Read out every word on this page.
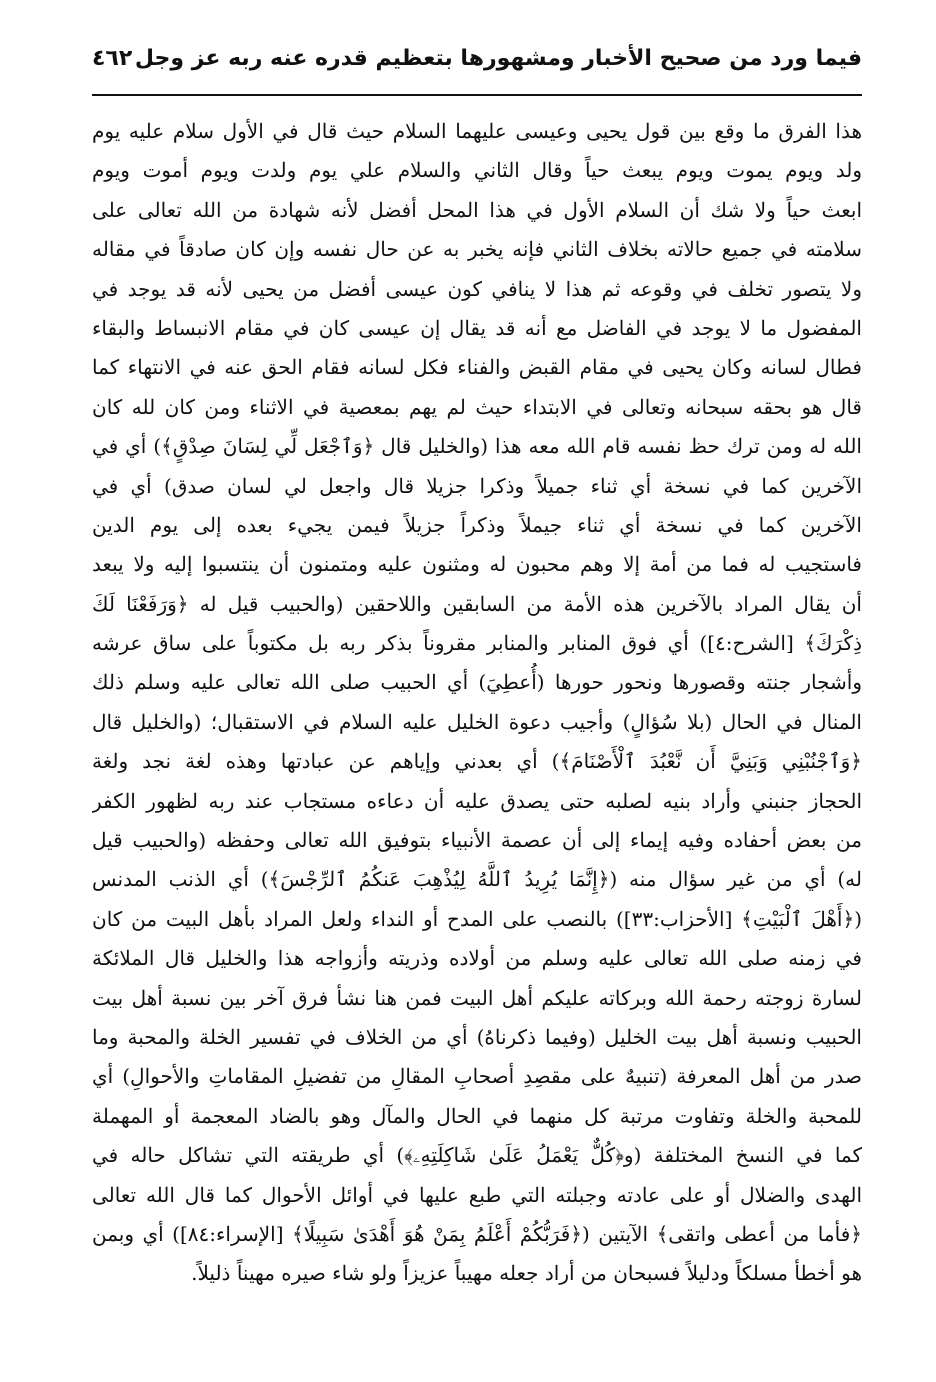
فيما ورد من صحيح الأخبار ومشهورها بتعظيم قدره عنه ربه عز وجل
٤٦٢
هذا الفرق ما وقع بين قول يحيى وعيسى عليهما السلام حيث قال في الأول سلام عليه يوم
ولد ويوم يموت ويوم يبعث حياً وقال الثاني والسلام علي يوم ولدت ويوم أموت ويوم
ابعث حياً ولا شك أن السلام الأول في هذا المحل أفضل لأنه شهادة من الله تعالى على
سلامته في جميع حالاته بخلاف الثاني فإنه يخبر به عن حال نفسه وإن كان صادقاً في مقاله
ولا يتصور تخلف في وقوعه ثم هذا لا ينافي كون عيسى أفضل من يحيى لأنه قد يوجد في
المفضول ما لا يوجد في الفاضل مع أنه قد يقال إن عيسى كان في مقام الانبساط والبقاء
فطال لسانه وكان يحيى في مقام القبض والفناء فكل لسانه فقام الحق عنه في الانتهاء كما
قال هو بحقه سبحانه وتعالى في الابتداء حيث لم يهم بمعصية في الاثناء ومن كان لله كان
الله له ومن ترك حظ نفسه قام الله معه هذا (والخليل قال ﴿وَٱجْعَل لِّي لِسَانَ صِدْقٍ﴾) أي في
الآخرين كما في نسخة أي ثناء جميلاً وذكرا جزيلا قال واجعل لي لسان صدق) أي في
الآخرين كما في نسخة أي ثناء جيملاً وذكراً جزيلاً فيمن يجيء بعده إلى يوم الدين
فاستجيب له فما من أمة إلا وهم محبون له ومثنون عليه ومتمنون أن ينتسبوا إليه ولا يبعد
أن يقال المراد بالآخرين هذه الأمة من السابقين واللاحقين (والحبيب قيل له ﴿وَرَفَعْنَا لَكَ
ذِكْرَكَ﴾ [الشرح:٤]) أي فوق المنابر والمنابر مقروناً بذكر ربه بل مكتوباً على ساق عرشه
وأشجار جنته وقصورها ونحور حورها (أُعطِيَ) أي الحبيب صلى الله تعالى عليه وسلم ذلك
المنال في الحال (بلا سُؤالٍ) وأجيب دعوة الخليل عليه السلام في الاستقبال؛ (والخليل قال
﴿وَٱجْنُبْنِي وَبَنِيَّ أَن نَّعْبُدَ ٱلْأَصْنَامَ﴾) أي بعدني وإياهم عن عبادتها وهذه لغة نجد ولغة
الحجاز جنبني وأراد بنيه لصلبه حتى يصدق عليه أن دعاءه مستجاب عند ربه لظهور الكفر
من بعض أحفاده وفيه إيماء إلى أن عصمة الأنبياء بتوفيق الله تعالى وحفظه (والحبيب قيل
له) أي من غير سؤال منه (﴿إِنَّمَا يُرِيدُ ٱللَّهُ لِيُذْهِبَ عَنكُمُ ٱلرِّجْسَ﴾) أي الذنب المدنس
(﴿أَهْلَ ٱلْبَيْتِ﴾ [الأحزاب:٣٣]) بالنصب على المدح أو النداء ولعل المراد بأهل البيت من كان
في زمنه صلى الله تعالى عليه وسلم من أولاده وذريته وأزواجه هذا والخليل قال الملائكة
لسارة زوجته رحمة الله وبركاته عليكم أهل البيت فمن هنا نشأ فرق آخر بين نسبة أهل بيت
الحبيب ونسبة أهل بيت الخليل (وفيما ذكرناهُ) أي من الخلاف في تفسير الخلة والمحبة وما
صدر من أهل المعرفة (تنبيهٌ على مقصِدِ أصحابِ المقالِ من تفضيلِ المقاماتِ والأحوالِ) أي
للمحبة والخلة وتفاوت مرتبة كل منهما في الحال والمآل وهو بالضاد المعجمة أو المهملة
كما في النسخ المختلفة (و﴿كُلٌّ يَعْمَلُ عَلَىٰ شَاكِلَتِهِۦ﴾) أي طريقته التي تشاكل حاله في
الهدى والضلال أو على عادته وجبلته التي طبع عليها في أوائل الأحوال كما قال الله تعالى
﴿فأما من أعطى واتقى﴾ الآيتين (﴿فَرَبُّكُمْ أَعْلَمُ بِمَنْ هُوَ أَهْدَىٰ سَبِيلًا﴾ [الإسراء:٨٤]) أي وبمن
هو أخطأ مسلكاً ودليلاً فسبحان من أراد جعله مهيباً عزيزاً ولو شاء صيره مهيناً ذليلاً.
